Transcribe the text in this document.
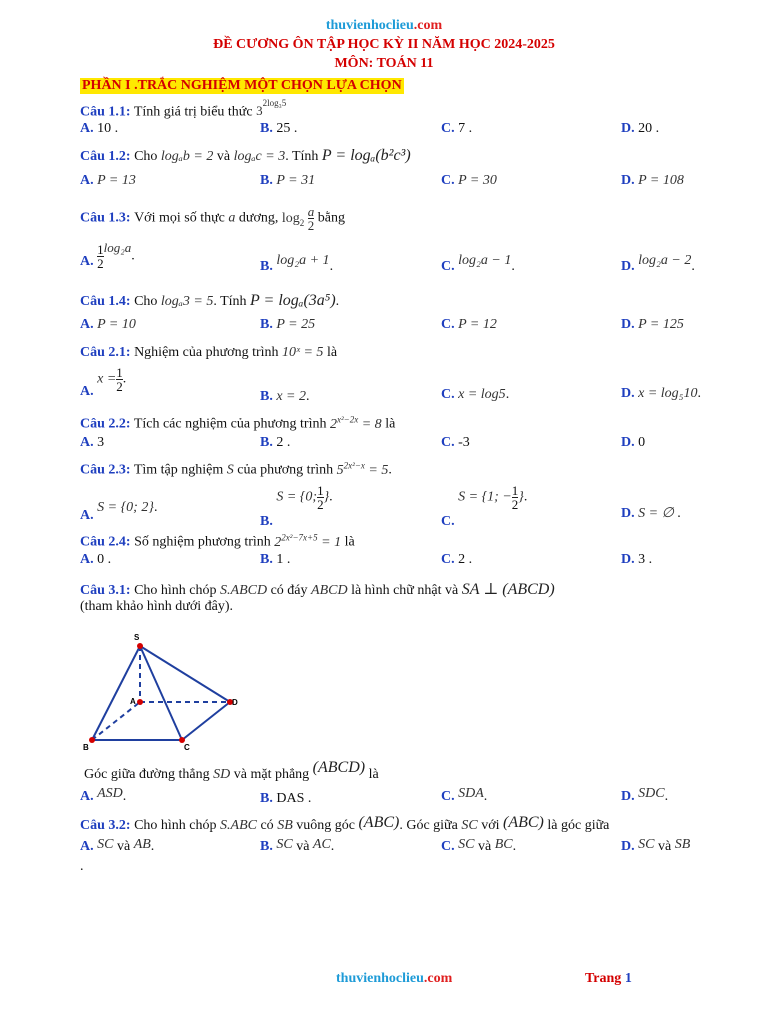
thuvienhoclieu.com
ĐỀ CƯƠNG ÔN TẬP HỌC KỲ II NĂM HỌC 2024-2025
MÔN: TOÁN 11
PHẦN I .TRẮC NGHIỆM MỘT CHỌN LỰA CHỌN
Câu 1.1: Tính giá trị biểu thức $3^{2log_35}$
A. 10 .	B. 25 .	C. 7 .	D. 20 .
Câu 1.2: Cho logₐb = 2 và logₐc = 3. Tính P = logₐ(b²c³)
A. P = 13	B. P = 31	C. P = 30	D. P = 108
Câu 1.3: Với mọi số thực a dương, $\log_2 \frac{a}{2}$ bằng
A. $\frac{1}{2} \log_2a$.
B. log₂a + 1.	C. log₂a − 1.	D. log₂a − 2.
Câu 1.4: Cho logₐ3 = 5. Tính P = logₐ(3a⁵).
A. P = 10	B. P = 25	C. P = 12	D. P = 125
Câu 2.1: Nghiệm của phương trình 10ˣ = 5 là
A. $x = \frac{1}{2}$ .
B. x = 2.	C. x = log5.	D. x = log₅10.
Câu 2.2: Tích các nghiệm của phương trình $2^{x^2-2x} = 8$ là
A. 3	B. 2 .	C. -3	D. 0
Câu 2.3: Tìm tập nghiệm S của phương trình $5^{2x^2-x} = 5$.
A. S = {0; 2}.
B. S = {0; $\frac{1}{2}$ }.
C. S = {1; − $\frac{1}{2}$ }.
D. S = ∅ .
Câu 2.4: Số nghiệm phương trình $2^{2x^2-7x+5} = 1$ là
A. 0 .	B. 1 .	C. 2 .	D. 3 .
Câu 3.1: Cho hình chóp S.ABCD có đáy ABCD là hình chữ nhật và SA ⊥ (ABCD)
(tham khảo hình dưới đây).
S
A
B	C
D
Góc giữa đường thẳng SD và mặt phẳng (ABCD) là
A. ASD.	B. DAS .	C. SDA.	D. SDC.
Câu 3.2: Cho hình chóp S.ABC có SB vuông góc (ABC). Góc giữa SC với (ABC) là góc giữa
A. SC và AB.	B. SC và AC.	C. SC và BC.	D. SC và SB
.
thuvienhoclieu.com	Trang 1
